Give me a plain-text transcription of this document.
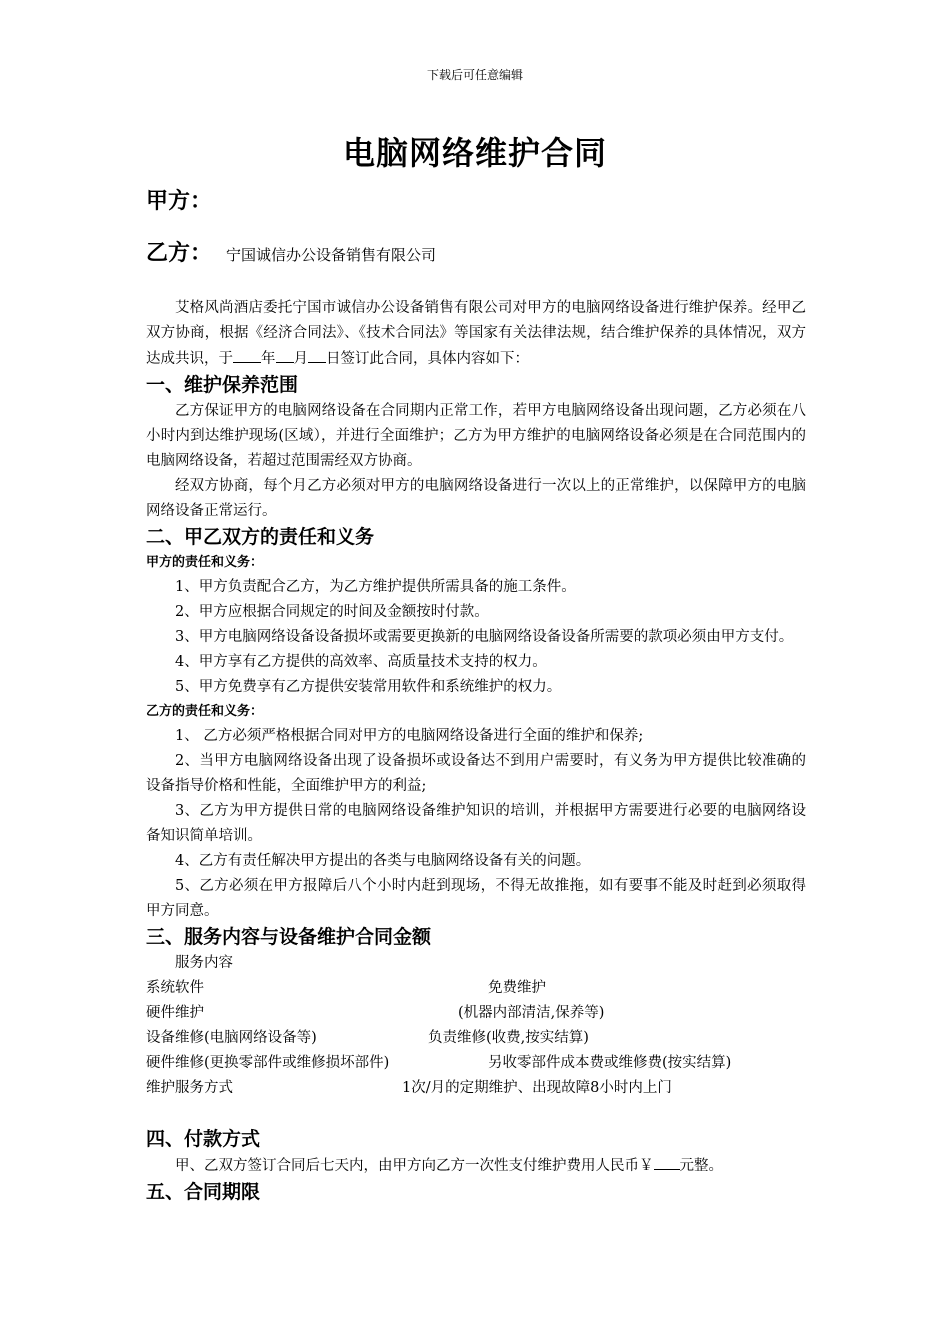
下载后可任意编辑
电脑网络维护合同
甲方：
乙方： 宁国诚信办公设备销售有限公司

艾格风尚酒店委托宁国市诚信办公设备销售有限公司对甲方的电脑网络设备进行维护保养。经甲乙双方协商，根据《经济合同法》、《技术合同法》等国家有关法律法规，结合维护保养的具体情况，双方达成共识，于 年 月 日签订此合同，具体内容如下：

一、维护保养范围

乙方保证甲方的电脑网络设备在合同期内正常工作，若甲方电脑网络设备出现问题，乙方必须在八小时内到达维护现场(区域），并进行全面维护；乙方为甲方维护的电脑网络设备必须是在合同范围内的电脑网络设备，若超过范围需经双方协商。

经双方协商，每个月乙方必须对甲方的电脑网络设备进行一次以上的正常维护，以保障甲方的电脑网络设备正常运行。

二、甲乙双方的责任和义务

甲方的责任和义务：

1、甲方负责配合乙方，为乙方维护提供所需具备的施工条件。

2、甲方应根据合同规定的时间及金额按时付款。

3、甲方电脑网络设备设备损坏或需要更换新的电脑网络设备设备所需要的款项必须由甲方支付。

4、甲方享有乙方提供的高效率、高质量技术支持的权力。

5、甲方免费享有乙方提供安装常用软件和系统维护的权力。

乙方的责任和义务：

1、 乙方必须严格根据合同对甲方的电脑网络设备进行全面的维护和保养;

2、当甲方电脑网络设备出现了设备损坏或设备达不到用户需要时，有义务为甲方提供比较准确的设备指导价格和性能，全面维护甲方的利益;

3、乙方为甲方提供日常的电脑网络设备维护知识的培训，并根据甲方需要进行必要的电脑网络设备知识简单培训。

4、乙方有责任解决甲方提出的各类与电脑网络设备有关的问题。

5、乙方必须在甲方报障后八个小时内赶到现场，不得无故推拖，如有要事不能及时赶到必须取得甲方同意。

三、服务内容与设备维护合同金额

服务内容

系统软件	免费维护
硬件维护	(机器内部清洁,保养等)
设备维修(电脑网络设备等)	负责维修(收费,按实结算)
硬件维修(更换零部件或维修损坏部件)	另收零部件成本费或维修费(按实结算)
维护服务方式	1次/月的定期维护、出现故障8小时内上门

四、付款方式

甲、乙双方签订合同后七天内，由甲方向乙方一次性支付维护费用人民币￥ 元整。

五、合同期限
